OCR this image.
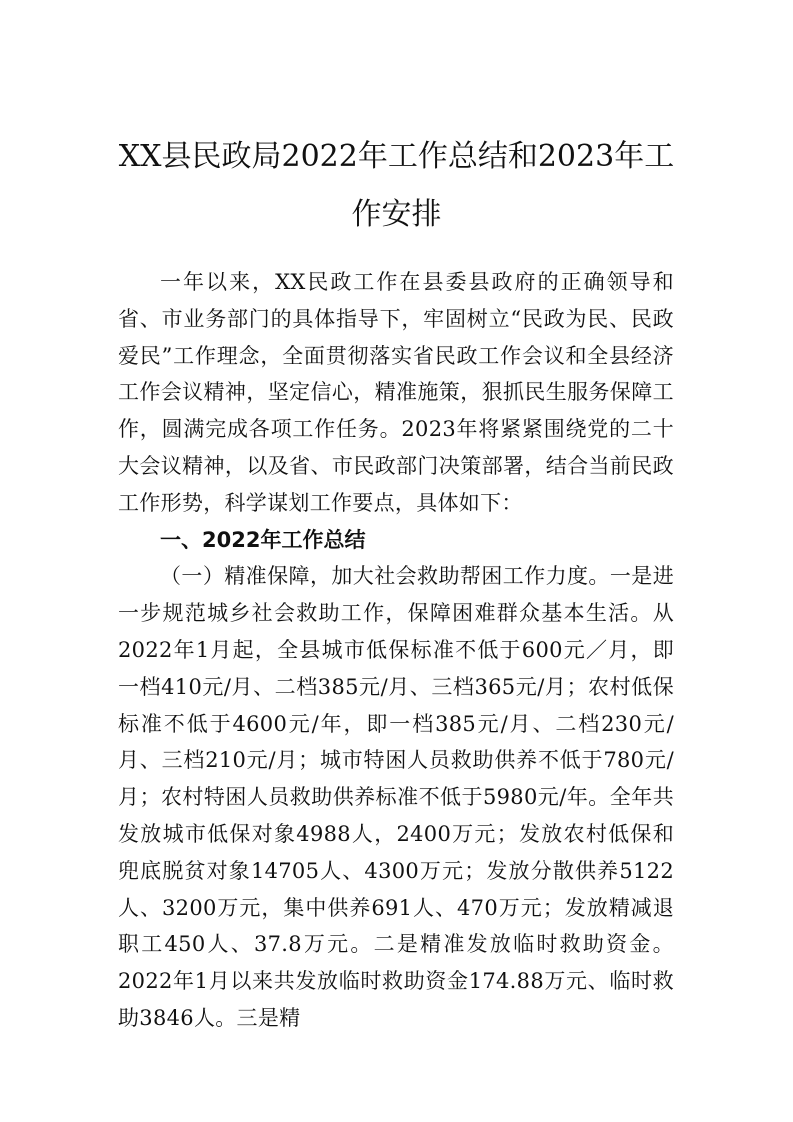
XX县民政局2022年工作总结和2023年工作安排

一年以来，XX民政工作在县委县政府的正确领导和省、市业务部门的具体指导下，牢固树立“民政为民、民政爱民”工作理念，全面贯彻落实省民政工作会议和全县经济工作会议精神，坚定信心，精准施策，狠抓民生服务保障工作，圆满完成各项工作任务。2023年将紧紧围绕党的二十大会议精神，以及省、市民政部门决策部署，结合当前民政工作形势，科学谋划工作要点，具体如下：

一、2022年工作总结

（一）精准保障，加大社会救助帮困工作力度。一是进一步规范城乡社会救助工作，保障困难群众基本生活。从2022年1月起，全县城市低保标准不低于600元／月，即一档410元/月、二档385元/月、三档365元/月；农村低保标准不低于4600元/年，即一档385元/月、二档230元/月、三档210元/月；城市特困人员救助供养不低于780元/月；农村特困人员救助供养标准不低于5980元/年。全年共发放城市低保对象4988人，2400万元；发放农村低保和兜底脱贫对象14705人、4300万元；发放分散供养5122人、3200万元，集中供养691人、470万元；发放精减退职工450人、37.8万元。二是精准发放临时救助资金。2022年1月以来共发放临时救助资金174.88万元、临时救助3846人。三是精
